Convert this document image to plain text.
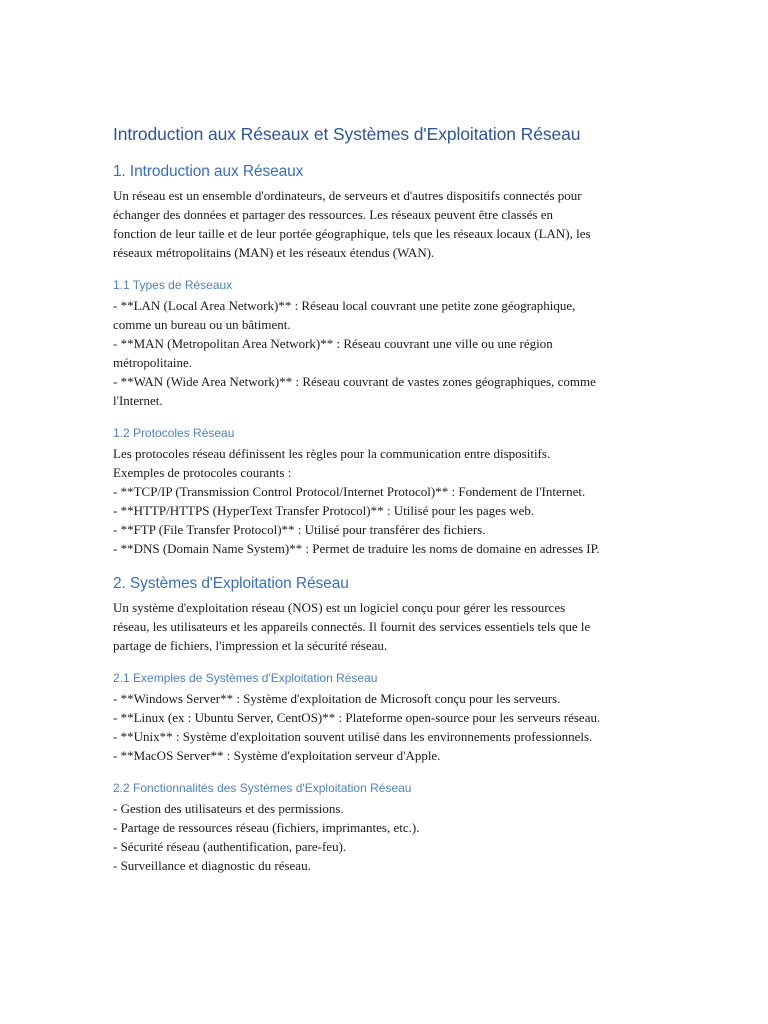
Introduction aux Réseaux et Systèmes d'Exploitation Réseau
1. Introduction aux Réseaux
Un réseau est un ensemble d'ordinateurs, de serveurs et d'autres dispositifs connectés pour
échanger des données et partager des ressources. Les réseaux peuvent être classés en
fonction de leur taille et de leur portée géographique, tels que les réseaux locaux (LAN), les
réseaux métropolitains (MAN) et les réseaux étendus (WAN).
1.1 Types de Réseaux
- **LAN (Local Area Network)** : Réseau local couvrant une petite zone géographique,
comme un bureau ou un bâtiment.
- **MAN (Metropolitan Area Network)** : Réseau couvrant une ville ou une région
métropolitaine.
- **WAN (Wide Area Network)** : Réseau couvrant de vastes zones géographiques, comme
l'Internet.
1.2 Protocoles Réseau
Les protocoles réseau définissent les règles pour la communication entre dispositifs.
Exemples de protocoles courants :
- **TCP/IP (Transmission Control Protocol/Internet Protocol)** : Fondement de l'Internet.
- **HTTP/HTTPS (HyperText Transfer Protocol)** : Utilisé pour les pages web.
- **FTP (File Transfer Protocol)** : Utilisé pour transférer des fichiers.
- **DNS (Domain Name System)** : Permet de traduire les noms de domaine en adresses IP.
2. Systèmes d'Exploitation Réseau
Un système d'exploitation réseau (NOS) est un logiciel conçu pour gérer les ressources
réseau, les utilisateurs et les appareils connectés. Il fournit des services essentiels tels que le
partage de fichiers, l'impression et la sécurité réseau.
2.1 Exemples de Systèmes d'Exploitation Réseau
- **Windows Server** : Système d'exploitation de Microsoft conçu pour les serveurs.
- **Linux (ex : Ubuntu Server, CentOS)** : Plateforme open-source pour les serveurs réseau.
- **Unix** : Système d'exploitation souvent utilisé dans les environnements professionnels.
- **MacOS Server** : Système d'exploitation serveur d'Apple.
2.2 Fonctionnalités des Systèmes d'Exploitation Réseau
- Gestion des utilisateurs et des permissions.
- Partage de ressources réseau (fichiers, imprimantes, etc.).
- Sécurité réseau (authentification, pare-feu).
- Surveillance et diagnostic du réseau.
